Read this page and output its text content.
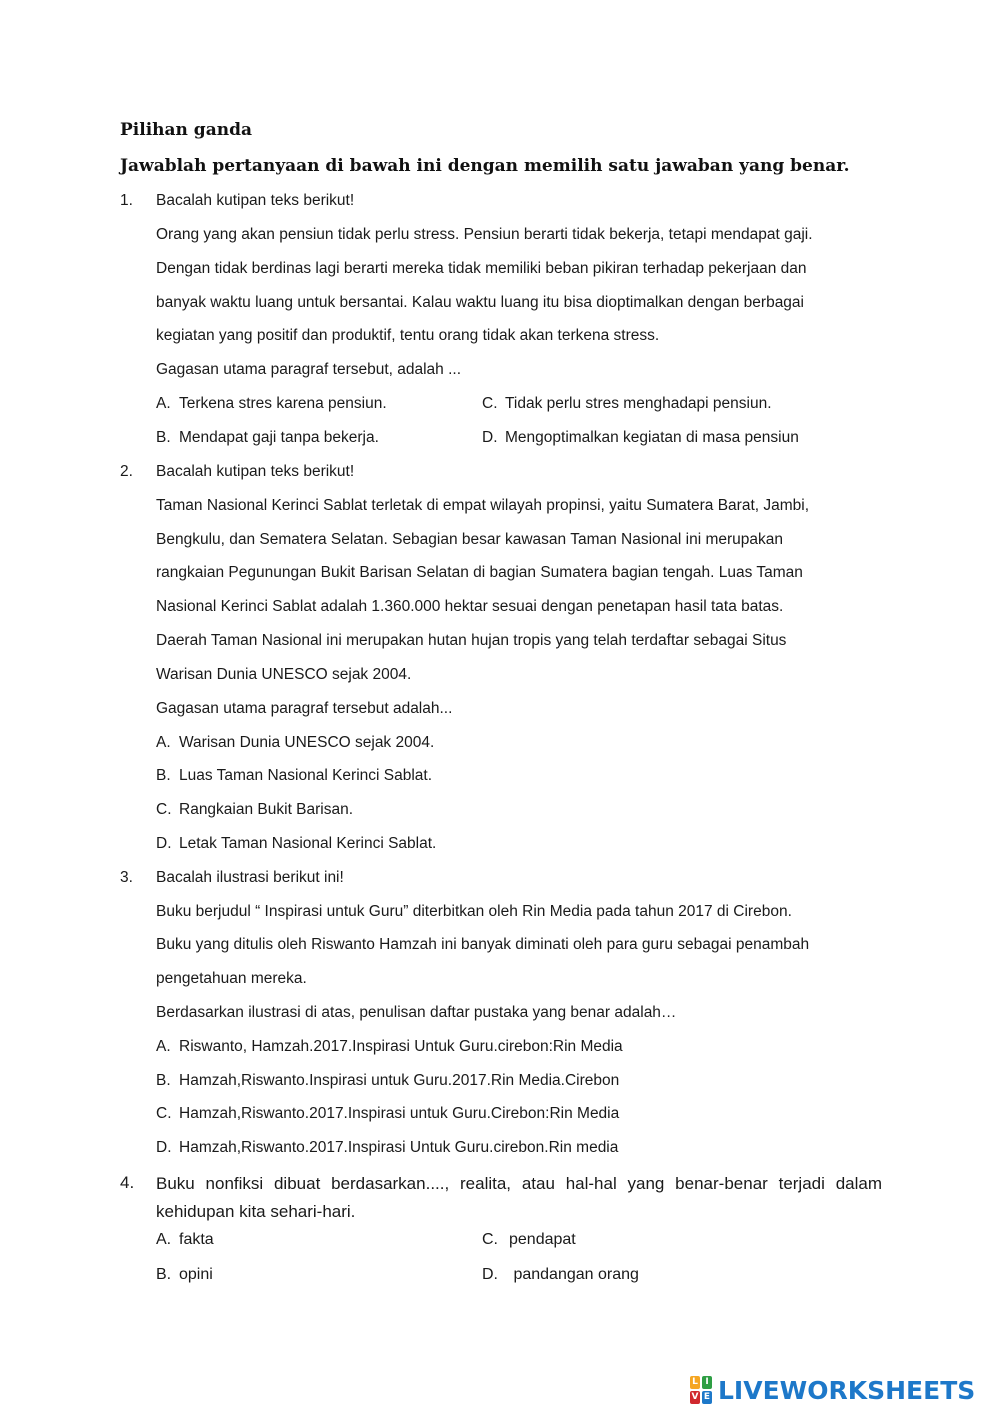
Pilihan ganda
Jawablah pertanyaan di bawah ini dengan memilih satu jawaban yang benar.
1. Bacalah kutipan teks berikut!
Orang yang akan pensiun tidak perlu stress. Pensiun berarti tidak bekerja, tetapi mendapat gaji.
Dengan tidak berdinas lagi berarti mereka tidak memiliki beban pikiran terhadap pekerjaan dan
banyak waktu luang untuk bersantai. Kalau waktu luang itu bisa dioptimalkan dengan berbagai
kegiatan yang positif dan produktif, tentu orang tidak akan terkena stress.
Gagasan utama paragraf tersebut, adalah ...
A. Terkena stres karena pensiun.	C. Tidak perlu stres menghadapi pensiun.
B. Mendapat gaji tanpa bekerja.	D. Mengoptimalkan kegiatan di masa pensiun
2. Bacalah kutipan teks berikut!
Taman Nasional Kerinci Sablat terletak di empat wilayah propinsi, yaitu Sumatera Barat, Jambi,
Bengkulu, dan Sematera Selatan. Sebagian besar kawasan Taman Nasional ini merupakan
rangkaian Pegunungan Bukit Barisan Selatan di bagian Sumatera bagian tengah. Luas Taman
Nasional Kerinci Sablat adalah 1.360.000 hektar sesuai dengan penetapan hasil tata batas.
Daerah Taman Nasional ini merupakan hutan hujan tropis yang telah terdaftar sebagai Situs
Warisan Dunia UNESCO sejak 2004.
Gagasan utama paragraf tersebut adalah...
A. Warisan Dunia UNESCO sejak 2004.
B. Luas Taman Nasional Kerinci Sablat.
C. Rangkaian Bukit Barisan.
D. Letak Taman Nasional Kerinci Sablat.
3. Bacalah ilustrasi berikut ini!
Buku berjudul “ Inspirasi untuk Guru” diterbitkan oleh Rin Media pada tahun 2017 di Cirebon.
Buku yang ditulis oleh Riswanto Hamzah ini banyak diminati oleh para guru sebagai penambah
pengetahuan mereka.
Berdasarkan ilustrasi di atas, penulisan daftar pustaka yang benar adalah…
A. Riswanto, Hamzah.2017.Inspirasi Untuk Guru.cirebon:Rin Media
B. Hamzah,Riswanto.Inspirasi untuk Guru.2017.Rin Media.Cirebon
C. Hamzah,Riswanto.2017.Inspirasi untuk Guru.Cirebon:Rin Media
D. Hamzah,Riswanto.2017.Inspirasi Untuk Guru.cirebon.Rin media
4. Buku nonfiksi dibuat berdasarkan...., realita, atau hal-hal yang benar-benar terjadi dalam kehidupan kita sehari-hari.
A. fakta	C. pendapat
B. opini	D. pandangan orang
L I
V E LIVEWORKSHEETS
